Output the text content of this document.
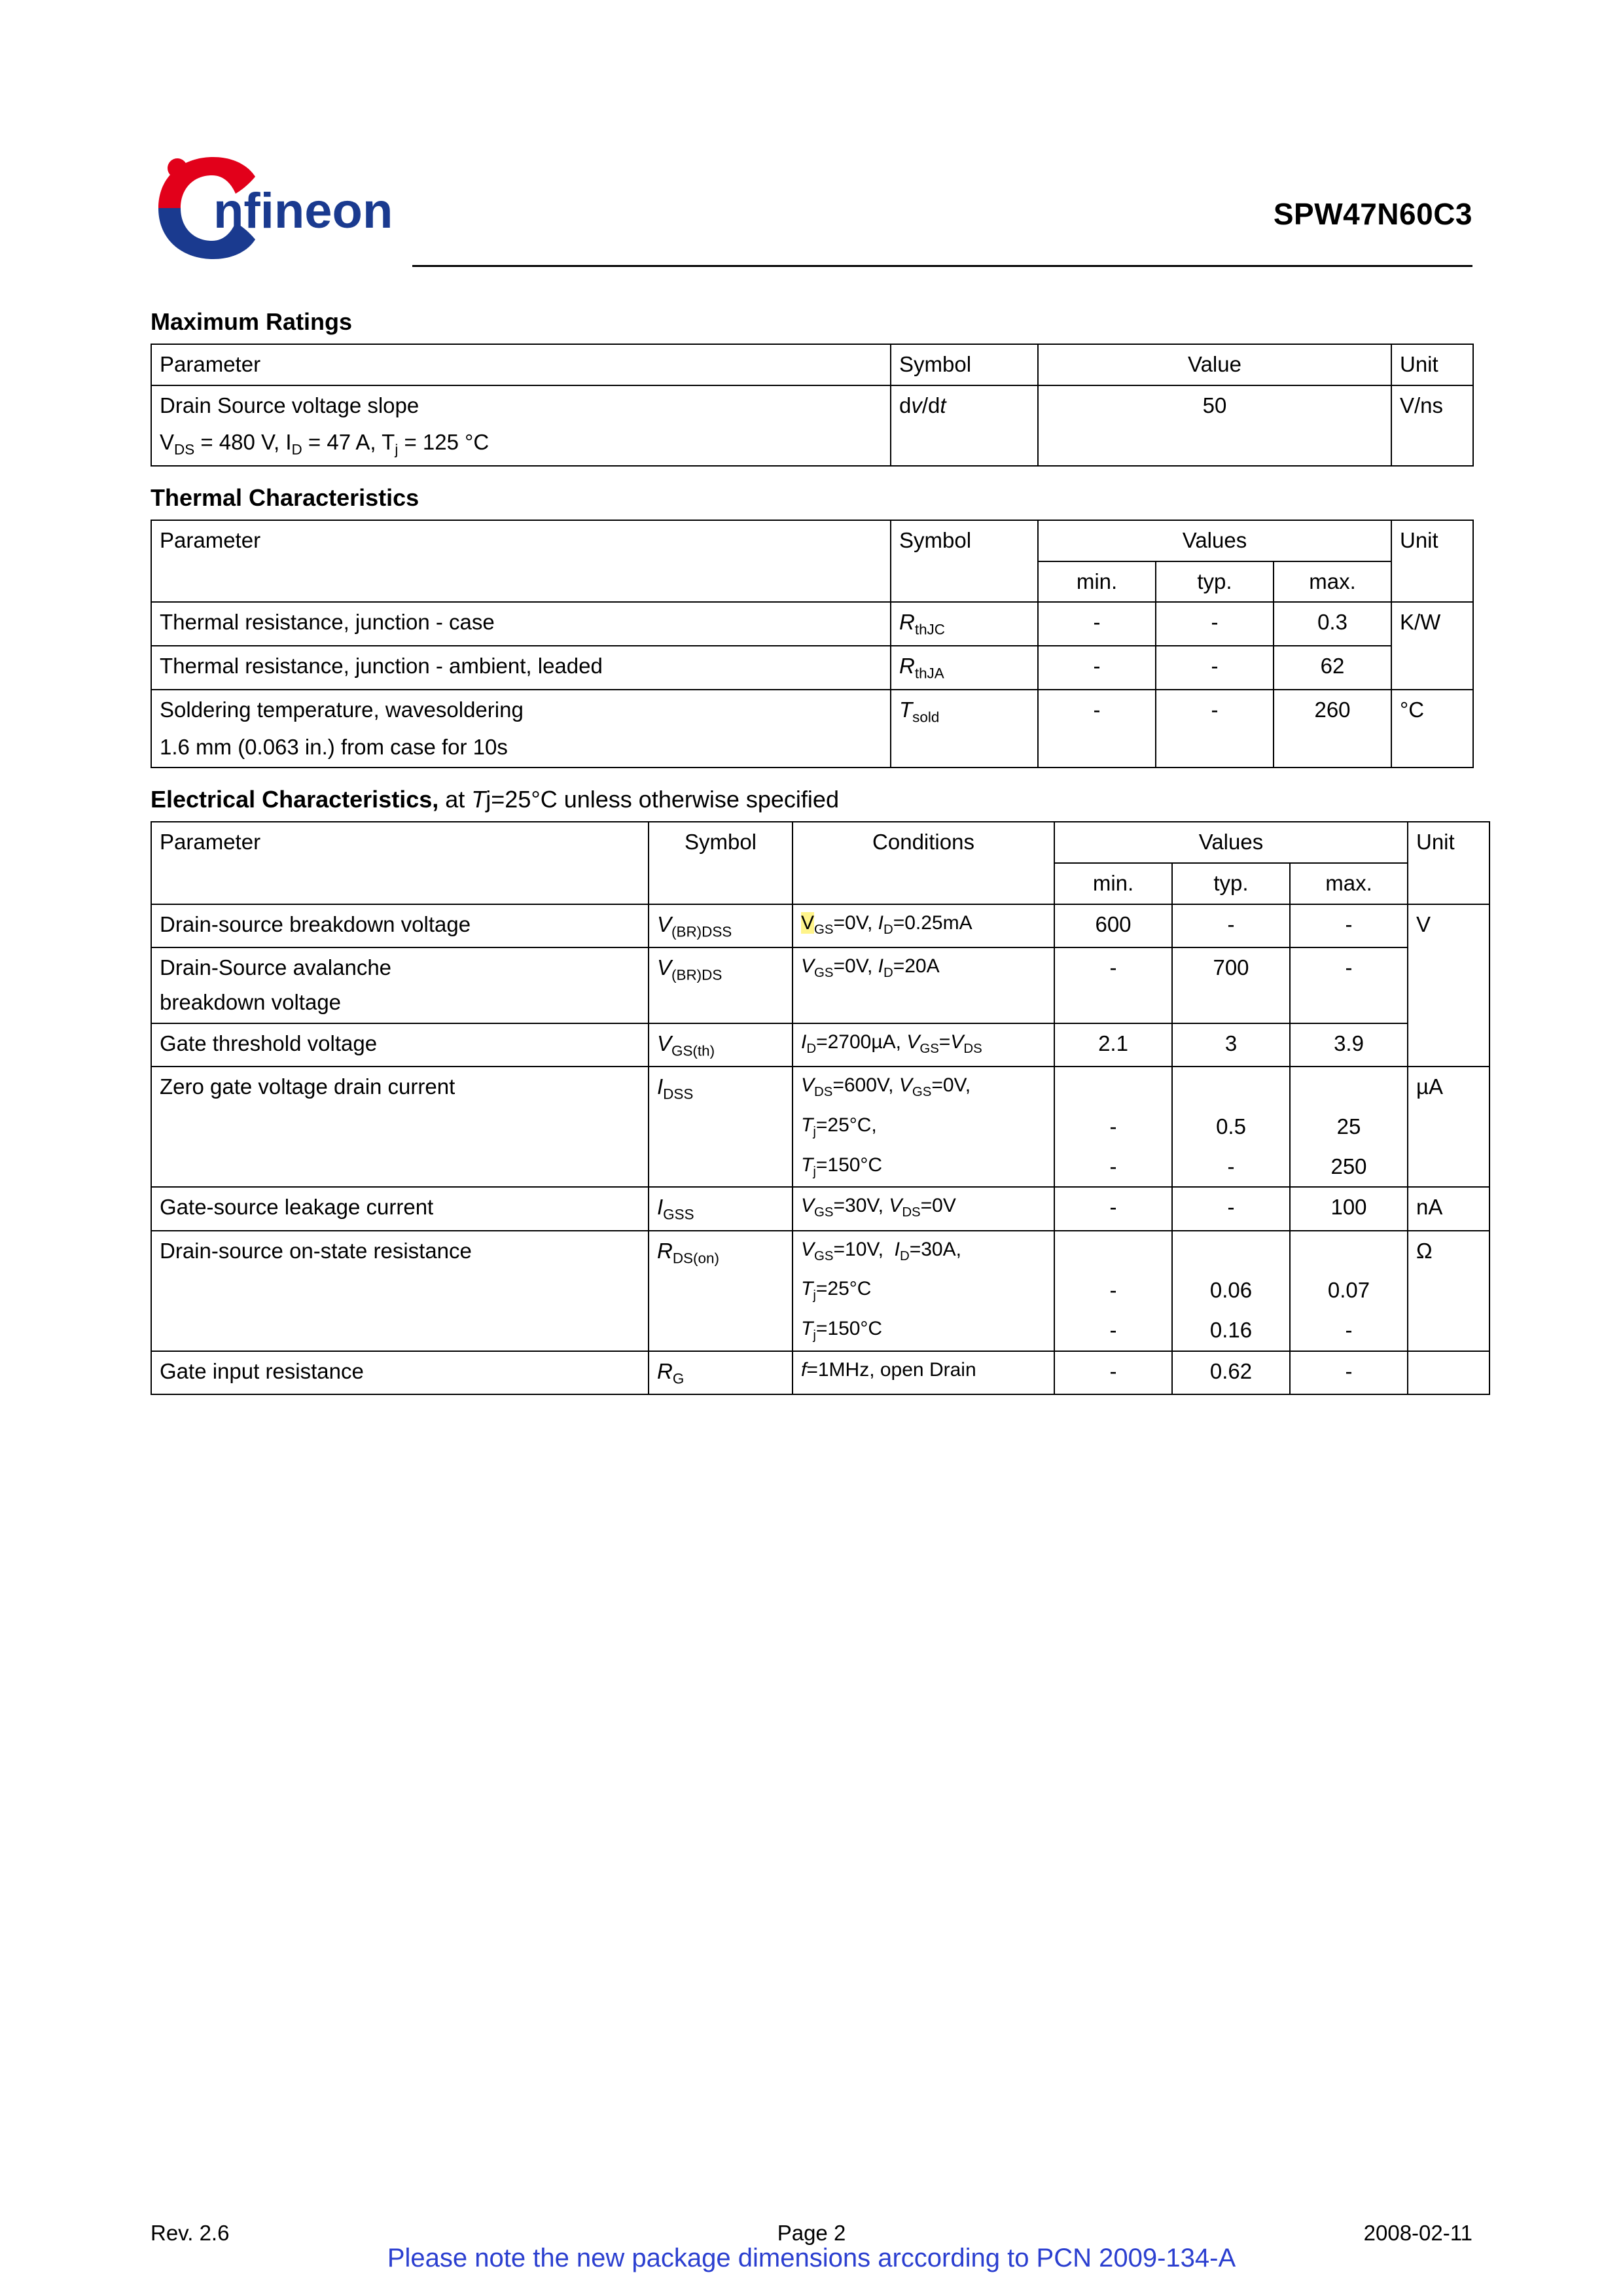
nfineon	SPW47N60C3
Maximum Ratings
Parameter	Symbol	Value	Unit

Drain Source voltage slope
$V_{DS} = 480$ V, $I_D = 47$ A, $T_j = 125$ °C	dv/dt	50	V/ns
Thermal Characteristics
Parameter	Symbol	Values			Unit
		min.	typ.	max.	
Thermal resistance, junction - case	$R_{thJC}$	-	-	0.3	K/W
Thermal resistance, junction - ambient, leaded	$R_{thJA}$	-	-	62	

Soldering temperature, wavesoldering
1.6 mm (0.063 in.) from case for 10s	$T_{sold}$	-	-	260	°C
Electrical Characteristics, at Tj=25°C unless otherwise specified
Parameter	Symbol	Conditions	Values			Unit
			min.	typ.	max.	
Drain-source breakdown voltage	$V_{(BR)DSS}$	$V_{GS}=0V$, $I_D=0.25mA$	600	-	-	V

Drain-Source avalanche
breakdown voltage	$V_{(BR)DS}$	$V_{GS}=0V$, $I_D=20A$	-	700	-	
Gate threshold voltage	$V_{GS(th)}$	$I_D=2700\mu A$, $V_{GS}=V_{DS}$	2.1	3	3.9	
Zero gate voltage drain current	$I_{DSS}$	$V_{DS}=600V$, $V_{GS}=0V$,				µA
		$T_j=25^\circ C$,	-	0.5	25	
		$T_j=150^\circ C$	-	-	250	
Gate-source leakage current	$I_{GSS}$	$V_{GS}=30V$, $V_{DS}=0V$	-	-	100	nA
Drain-source on-state resistance	$R_{DS(on)}$	$V_{GS}=10V$,  $I_D=30A$,				Ω
		$T_j=25^\circ C$	-	0.06	0.07	
		$T_j=150^\circ C$	-	0.16	-	
Gate input resistance	$R_G$	f=1MHz, open Drain	-	0.62	-	
Rev. 2.6	Page 2	2008-02-11
Please note the new package dimensions arccording to PCN 2009-134-A
